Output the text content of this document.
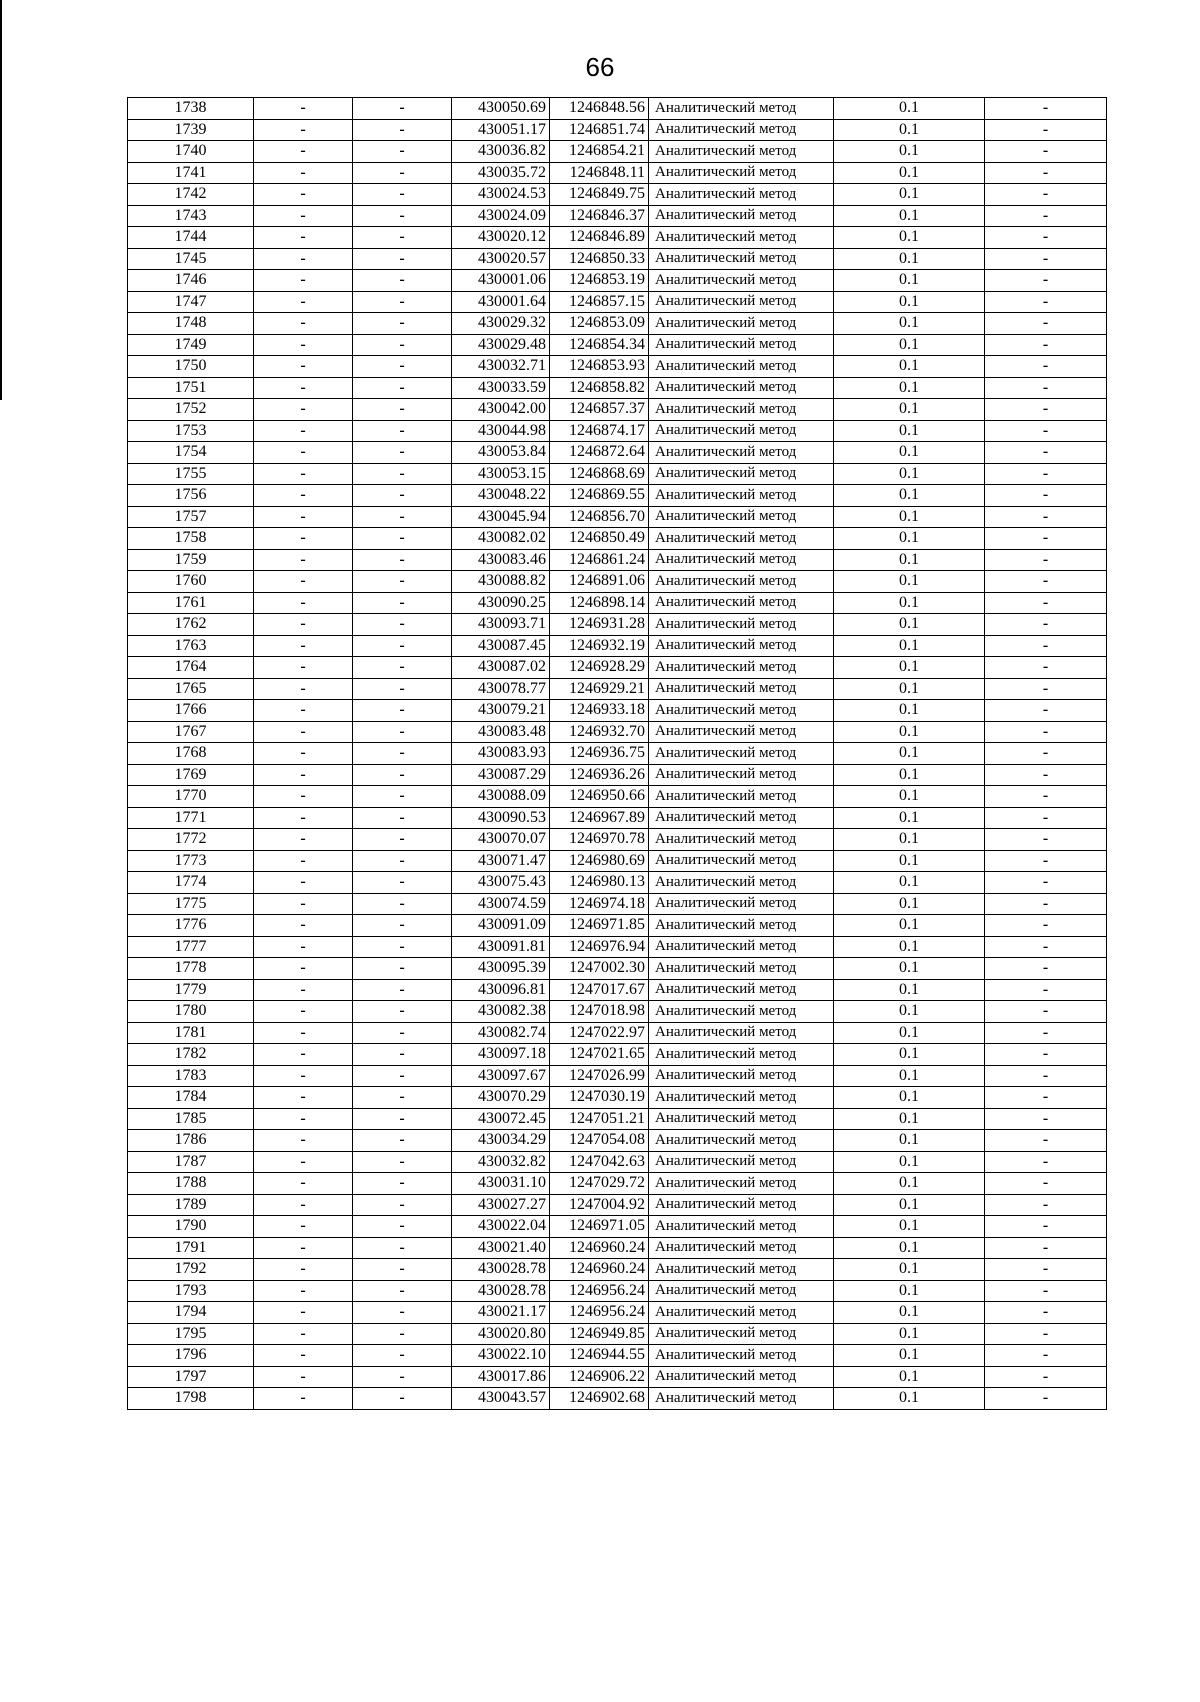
66
1738	-	-	430050.69	1246848.56	Аналитический метод	0.1	-
1739	-	-	430051.17	1246851.74	Аналитический метод	0.1	-
1740	-	-	430036.82	1246854.21	Аналитический метод	0.1	-
1741	-	-	430035.72	1246848.11	Аналитический метод	0.1	-
1742	-	-	430024.53	1246849.75	Аналитический метод	0.1	-
1743	-	-	430024.09	1246846.37	Аналитический метод	0.1	-
1744	-	-	430020.12	1246846.89	Аналитический метод	0.1	-
1745	-	-	430020.57	1246850.33	Аналитический метод	0.1	-
1746	-	-	430001.06	1246853.19	Аналитический метод	0.1	-
1747	-	-	430001.64	1246857.15	Аналитический метод	0.1	-
1748	-	-	430029.32	1246853.09	Аналитический метод	0.1	-
1749	-	-	430029.48	1246854.34	Аналитический метод	0.1	-
1750	-	-	430032.71	1246853.93	Аналитический метод	0.1	-
1751	-	-	430033.59	1246858.82	Аналитический метод	0.1	-
1752	-	-	430042.00	1246857.37	Аналитический метод	0.1	-
1753	-	-	430044.98	1246874.17	Аналитический метод	0.1	-
1754	-	-	430053.84	1246872.64	Аналитический метод	0.1	-
1755	-	-	430053.15	1246868.69	Аналитический метод	0.1	-
1756	-	-	430048.22	1246869.55	Аналитический метод	0.1	-
1757	-	-	430045.94	1246856.70	Аналитический метод	0.1	-
1758	-	-	430082.02	1246850.49	Аналитический метод	0.1	-
1759	-	-	430083.46	1246861.24	Аналитический метод	0.1	-
1760	-	-	430088.82	1246891.06	Аналитический метод	0.1	-
1761	-	-	430090.25	1246898.14	Аналитический метод	0.1	-
1762	-	-	430093.71	1246931.28	Аналитический метод	0.1	-
1763	-	-	430087.45	1246932.19	Аналитический метод	0.1	-
1764	-	-	430087.02	1246928.29	Аналитический метод	0.1	-
1765	-	-	430078.77	1246929.21	Аналитический метод	0.1	-
1766	-	-	430079.21	1246933.18	Аналитический метод	0.1	-
1767	-	-	430083.48	1246932.70	Аналитический метод	0.1	-
1768	-	-	430083.93	1246936.75	Аналитический метод	0.1	-
1769	-	-	430087.29	1246936.26	Аналитический метод	0.1	-
1770	-	-	430088.09	1246950.66	Аналитический метод	0.1	-
1771	-	-	430090.53	1246967.89	Аналитический метод	0.1	-
1772	-	-	430070.07	1246970.78	Аналитический метод	0.1	-
1773	-	-	430071.47	1246980.69	Аналитический метод	0.1	-
1774	-	-	430075.43	1246980.13	Аналитический метод	0.1	-
1775	-	-	430074.59	1246974.18	Аналитический метод	0.1	-
1776	-	-	430091.09	1246971.85	Аналитический метод	0.1	-
1777	-	-	430091.81	1246976.94	Аналитический метод	0.1	-
1778	-	-	430095.39	1247002.30	Аналитический метод	0.1	-
1779	-	-	430096.81	1247017.67	Аналитический метод	0.1	-
1780	-	-	430082.38	1247018.98	Аналитический метод	0.1	-
1781	-	-	430082.74	1247022.97	Аналитический метод	0.1	-
1782	-	-	430097.18	1247021.65	Аналитический метод	0.1	-
1783	-	-	430097.67	1247026.99	Аналитический метод	0.1	-
1784	-	-	430070.29	1247030.19	Аналитический метод	0.1	-
1785	-	-	430072.45	1247051.21	Аналитический метод	0.1	-
1786	-	-	430034.29	1247054.08	Аналитический метод	0.1	-
1787	-	-	430032.82	1247042.63	Аналитический метод	0.1	-
1788	-	-	430031.10	1247029.72	Аналитический метод	0.1	-
1789	-	-	430027.27	1247004.92	Аналитический метод	0.1	-
1790	-	-	430022.04	1246971.05	Аналитический метод	0.1	-
1791	-	-	430021.40	1246960.24	Аналитический метод	0.1	-
1792	-	-	430028.78	1246960.24	Аналитический метод	0.1	-
1793	-	-	430028.78	1246956.24	Аналитический метод	0.1	-
1794	-	-	430021.17	1246956.24	Аналитический метод	0.1	-
1795	-	-	430020.80	1246949.85	Аналитический метод	0.1	-
1796	-	-	430022.10	1246944.55	Аналитический метод	0.1	-
1797	-	-	430017.86	1246906.22	Аналитический метод	0.1	-
1798	-	-	430043.57	1246902.68	Аналитический метод	0.1	-
